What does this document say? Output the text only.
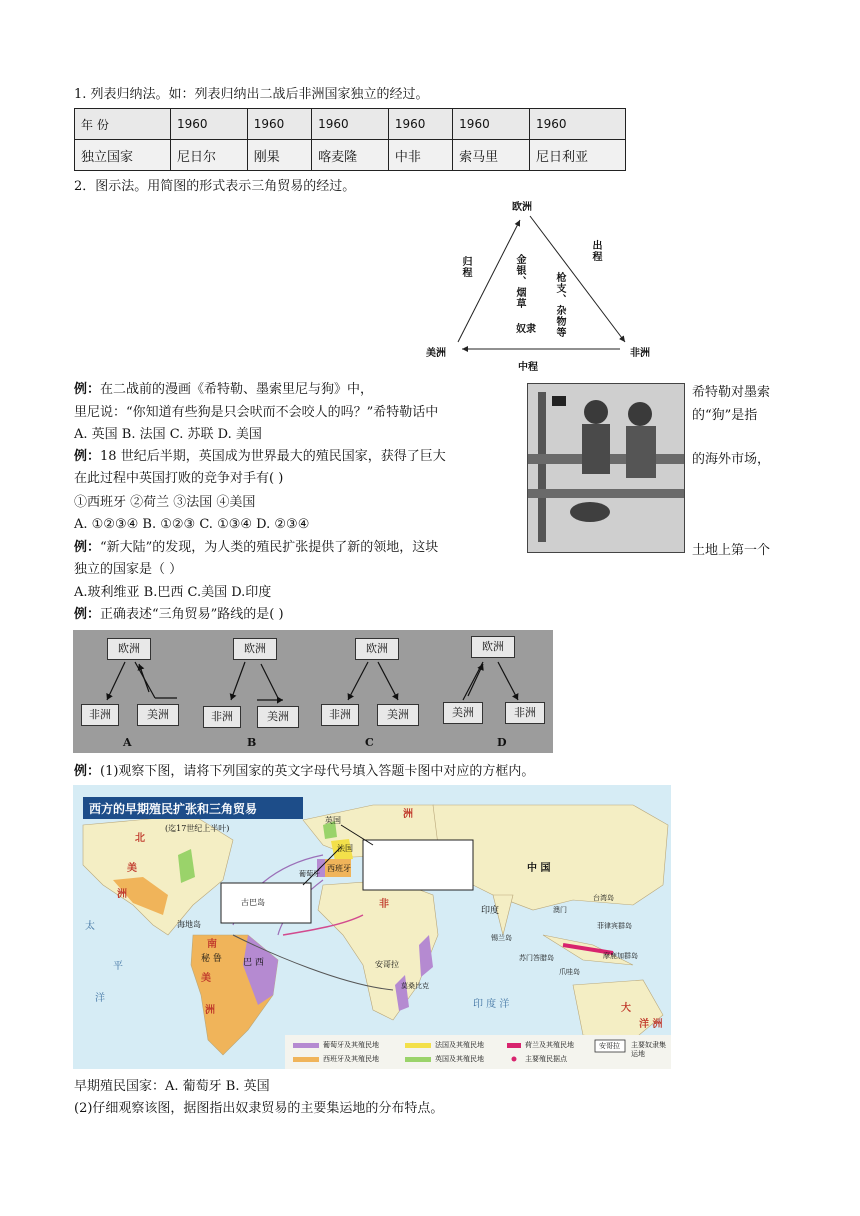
1. 列表归纳法。如：列表归纳出二战后非洲国家独立的经过。
年 份	1960	1960	1960	1960	1960	1960
独立国家	尼日尔	刚果	喀麦隆	中非	索马里	尼日利亚
2．图示法。用简图的形式表示三角贸易的经过。
欧洲
美洲	非洲
出程
中程
归程	金银、烟草
奴隶 枪支、杂物等
例：在二战前的漫画《希特勒、墨索里尼与狗》中，	希特勒对墨索
里尼说：“你知道有些狗是只会吠而不会咬人的吗？”希特勒话中	的“狗”是指
A. 英国 B. 法国 C. 苏联 D. 美国
例：18 世纪后半期，英国成为世界最大的殖民国家，获得了巨大	的海外市场，
在此过程中英国打败的竞争对手有( )
①西班牙 ②荷兰 ③法国 ④美国
A. ①②③④ B. ①②③ C. ①③④ D. ②③④
例：“新大陆”的发现，为人类的殖民扩张提供了新的领地，这块	土地上第一个
独立的国家是（ ）
A.玻利维亚 B.巴西 C.美国 D.印度
例：正确表述“三角贸易”路线的是( )
欧洲
非洲	美洲
A
欧洲
非洲	美洲
B
欧洲
非洲	美洲
C
欧洲
美洲	非洲
D
例：(1)观察下图，请将下列国家的英文字母代号填入答题卡图中对应的方框内。
西方的早期殖民扩张和三角贸易
(迄17世纪上半叶)
北
美
洲
南
美
洲
太
平
洋
古巴岛
海地岛
巴 西
秘 鲁
英国
法国
西班牙
葡萄牙
洲
非
中 国
印度
安哥拉
莫桑比克
台湾岛
菲律宾群岛
摩鹿加群岛
爪哇岛
苏门答腊岛
锡兰岛
澳门
印 度 洋	大
洋 洲
葡萄牙及其殖民地
西班牙及其殖民地
法国及其殖民地
英国及其殖民地
荷兰及其殖民地
主要殖民据点
安哥拉 主要奴隶集运地
早期殖民国家：A. 葡萄牙 B. 英国
(2)仔细观察该图，据图指出奴隶贸易的主要集运地的分布特点。
